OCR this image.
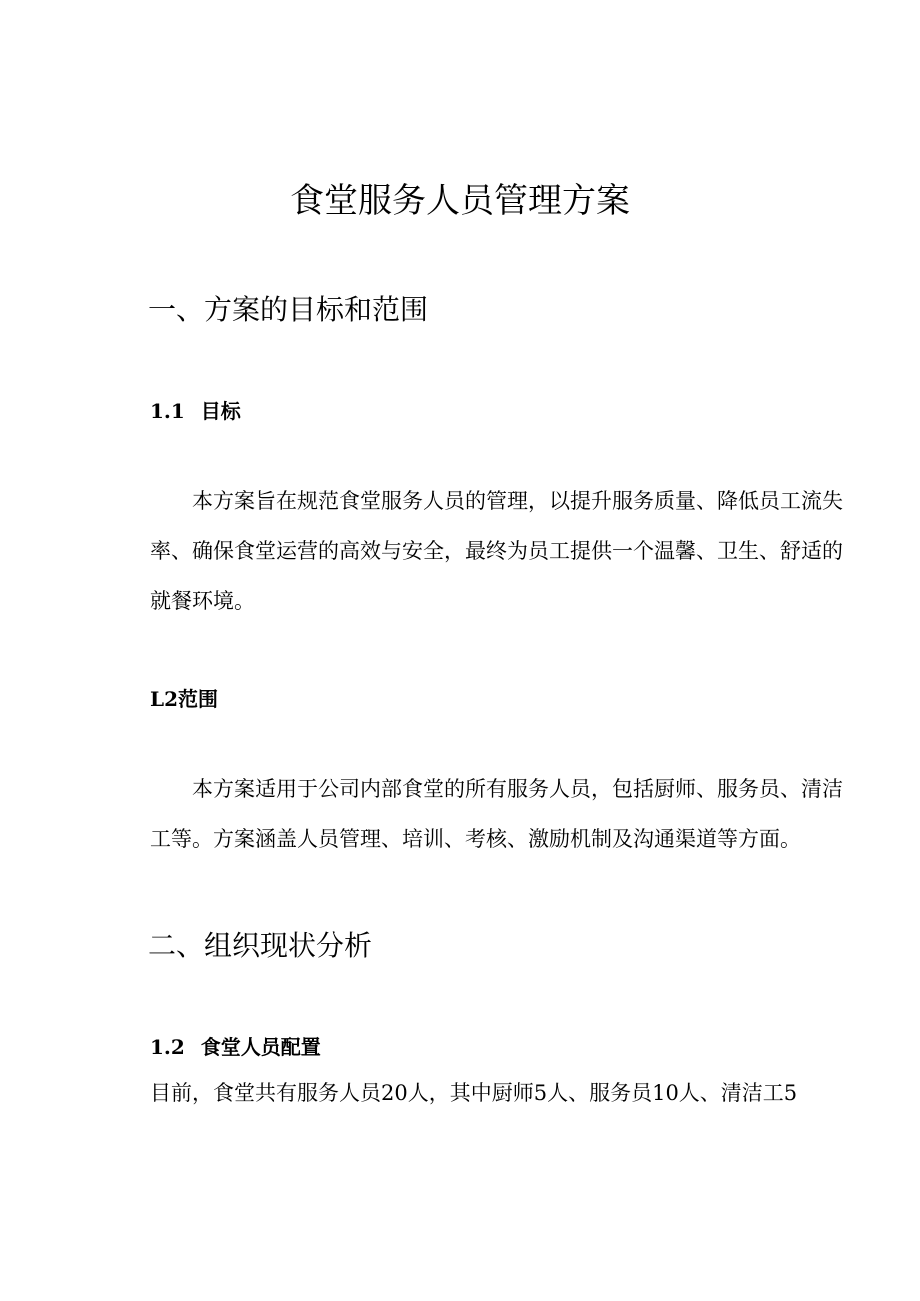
食堂服务人员管理方案
一、方案的目标和范围
1.1 目标
　　本方案旨在规范食堂服务人员的管理，以提升服务质量、降低员工流失
率、确保食堂运营的高效与安全，最终为员工提供一个温馨、卫生、舒适的
就餐环境。
L2范围
　　本方案适用于公司内部食堂的所有服务人员，包括厨师、服务员、清洁
工等。方案涵盖人员管理、培训、考核、激励机制及沟通渠道等方面。
二、组织现状分析
1.2 食堂人员配置
目前，食堂共有服务人员20人，其中厨师5人、服务员10人、清洁工5
